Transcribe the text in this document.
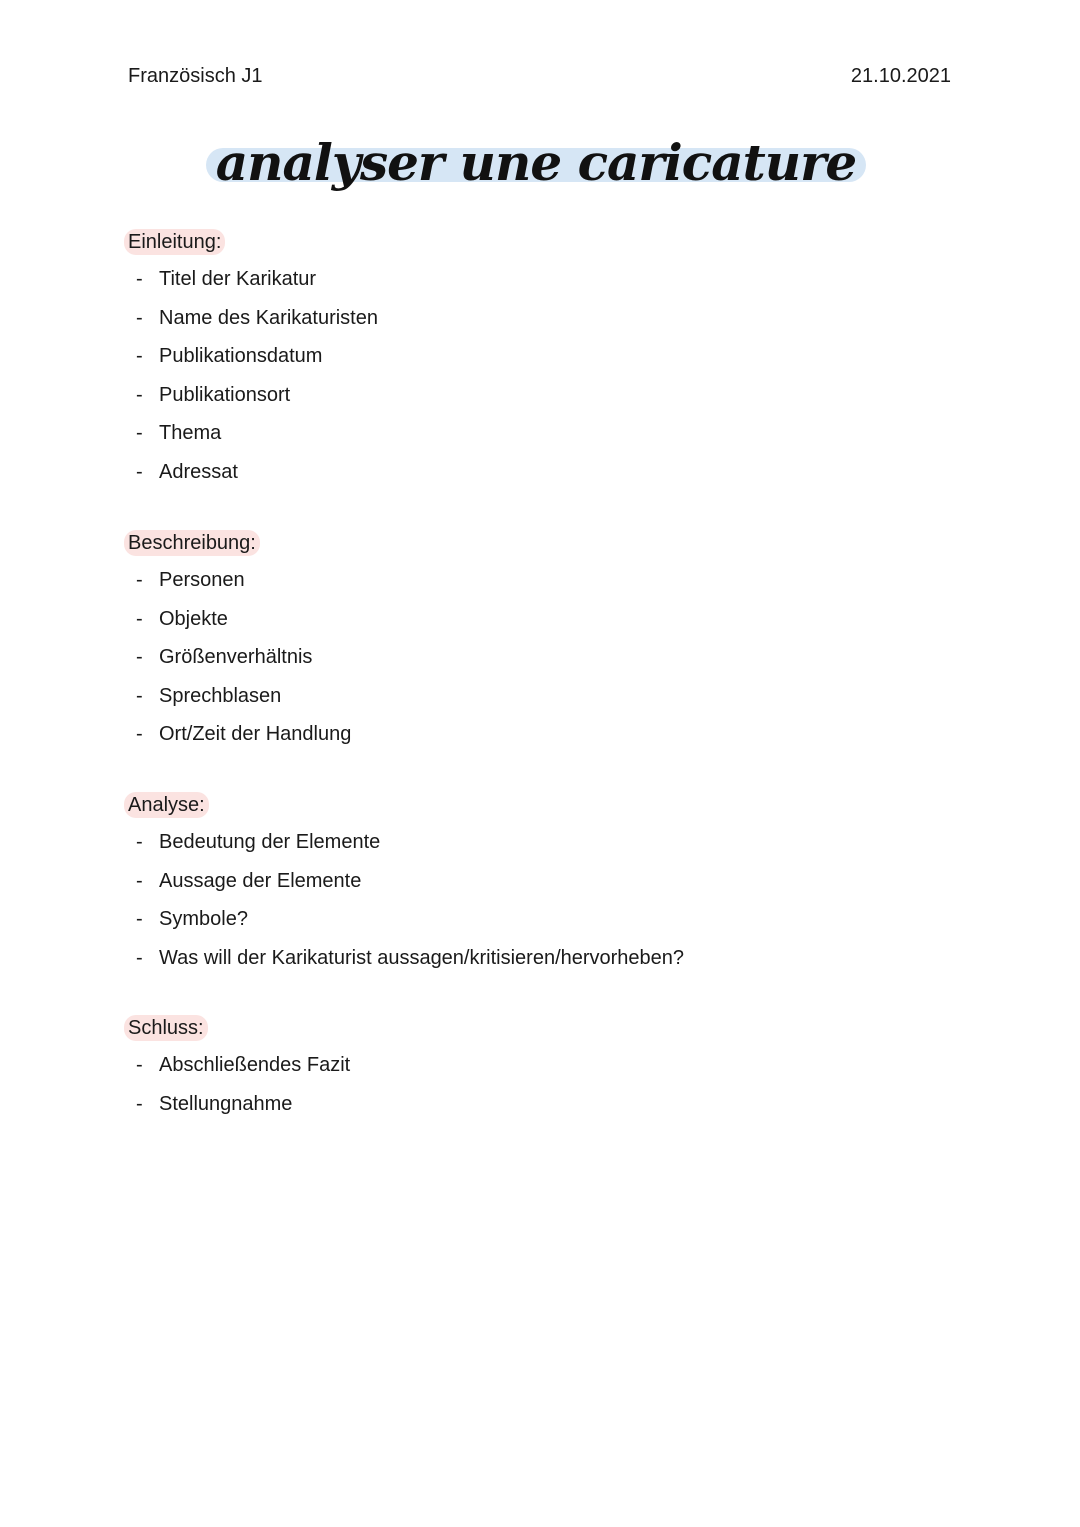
Französisch J1	21.10.2021
analyser une caricature
Einleitung:
- Titel der Karikatur
- Name des Karikaturisten
- Publikationsdatum
- Publikationsort
- Thema
- Adressat
Beschreibung:
- Personen
- Objekte
- Größenverhältnis
- Sprechblasen
- Ort/Zeit der Handlung
Analyse:
- Bedeutung der Elemente
- Aussage der Elemente
- Symbole?
- Was will der Karikaturist aussagen/kritisieren/hervorheben?
Schluss:
- Abschließendes Fazit
- Stellungnahme
